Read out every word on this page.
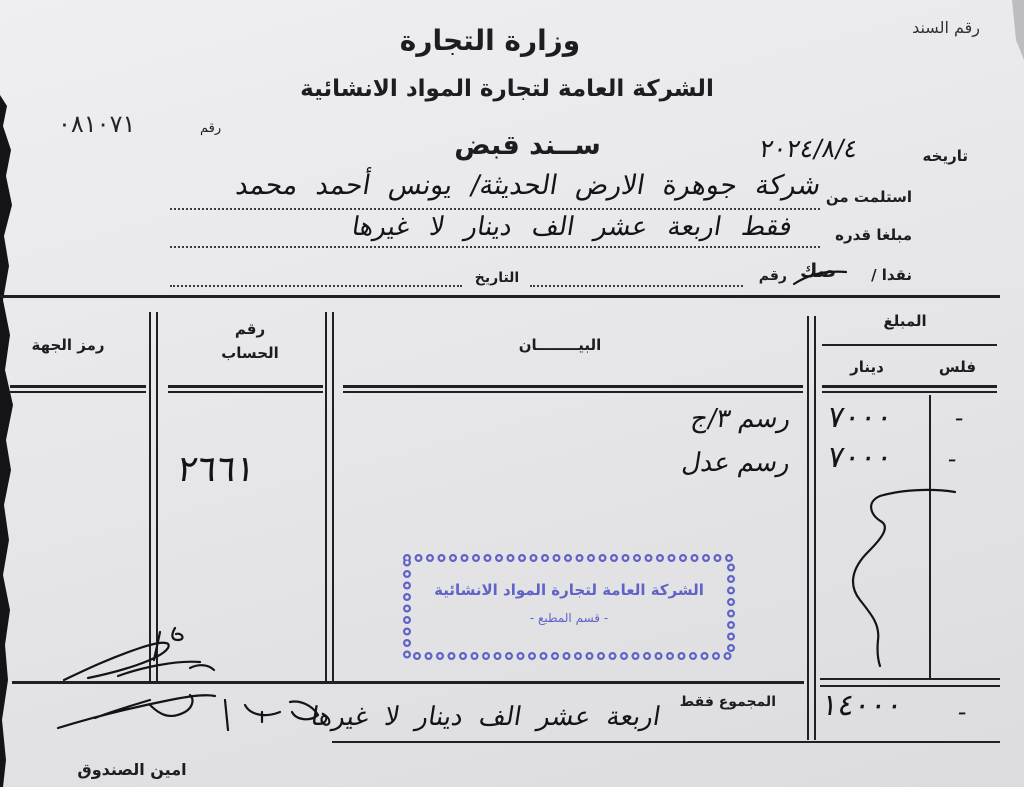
رقم السند
وزارة التجارة
الشركة العامة لتجارة المواد الانشائية
رقم
٠٨١٠٧١
ســند قبض	تاريخه
٢٠٢٤/٨/٤
استلمت من
شركة جوهرة الارض الحديثة/ يونس أحمد محمد
مبلغا قدره
فقط اربعة عشر الف دينار لا غيرها
نقدا /
صك
رقم
التاريخ
المبلغ
فلس
دينار
البيــــــــان
رقم
الحساب
رمز الجهة
رسم ٣/ج ٧٠٠٠ -
رسم عدل ٧٠٠٠ -
٢٦٦١
المجموع فقط
اربعة عشر الف دينار لا غيرها	١٤٠٠٠ -
امين الصندوق
الشركة العامة لتجارة المواد الانشائية
- قسم المطبع -
